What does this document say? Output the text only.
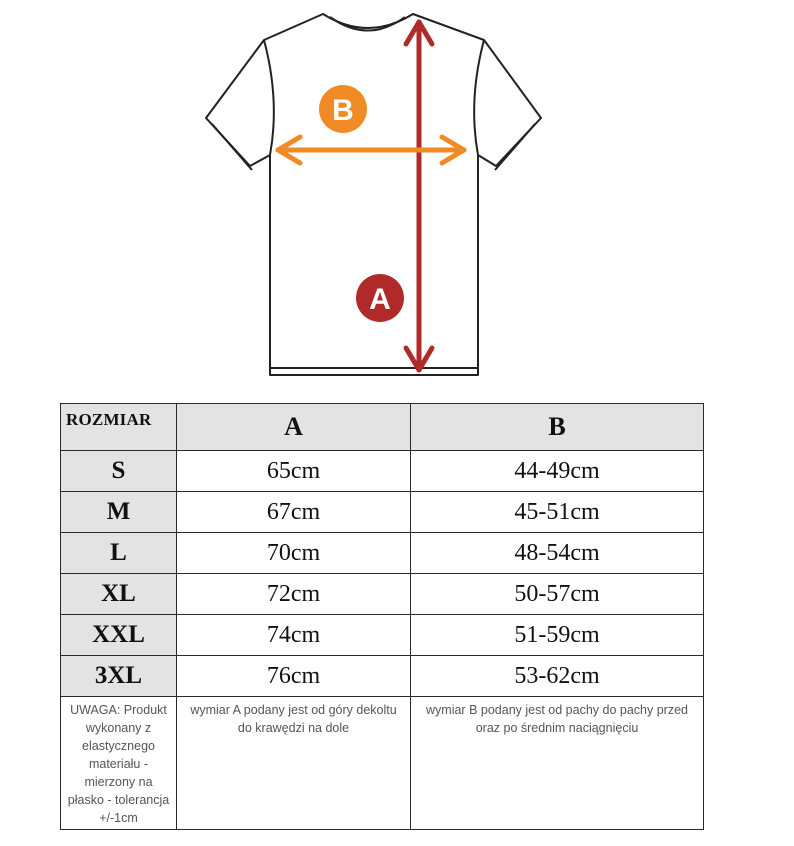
B
A
ROZMIAR	A	B
S	65cm	44-49cm
M	67cm	45-51cm
L	70cm	48-54cm
XL	72cm	50-57cm
XXL	74cm	51-59cm
3XL	76cm	53-62cm
UWAGA: Produkt wykonany z elastycznego materiału - mierzony na płasko - tolerancja +/-1cm	wymiar A podany jest od góry dekoltu do krawędzi na dole	wymiar B podany jest od pachy do pachy przed oraz po średnim naciągnięciu
